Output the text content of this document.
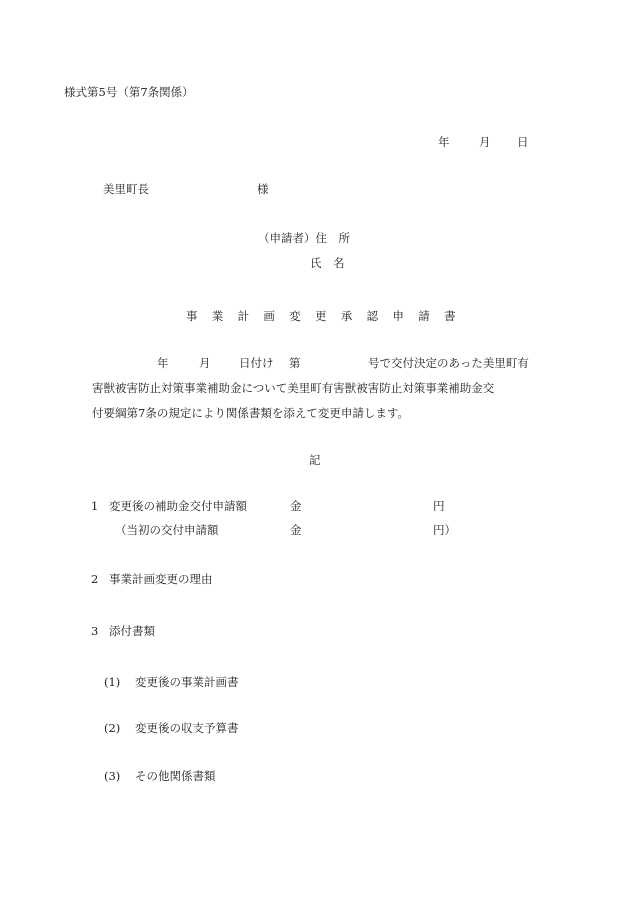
様式第5号（第7条関係）
年	月 日
美里町長	様
（申請者）住　所
氏　名
事業計画変更承認申請書
年	月 日付け 第	号で交付決定のあった美里町有
害獣被害防止対策事業補助金について美里町有害獣被害防止対策事業補助金交
付要綱第7条の規定により関係書類を添えて変更申請します。
記
1 変更後の補助金交付申請額	金	円
（当初の交付申請額	金	円）
2 事業計画変更の理由
3 添付書類
(1) 変更後の事業計画書
(2) 変更後の収支予算書
(3) その他関係書類
